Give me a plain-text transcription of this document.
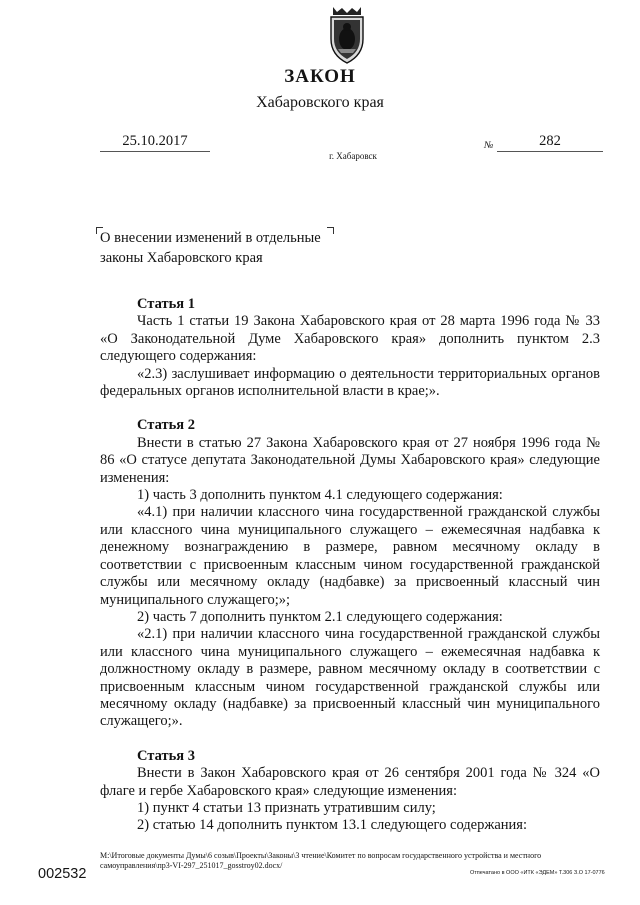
ЗАКОН
Хабаровского края
25.10.2017	№	282
г. Хабаровск
О внесении изменений в отдельные
законы Хабаровского края

Статья 1

Часть 1 статьи 19 Закона Хабаровского края от 28 марта 1996 года № 33 «О Законодательной Думе Хабаровского края» дополнить пунктом 2.3 следующего содержания:

«2.3) заслушивает информацию о деятельности территориальных органов федеральных органов исполнительной власти в крае;».

Статья 2

Внести в статью 27 Закона Хабаровского края от 27 ноября 1996 года № 86 «О статусе депутата Законодательной Думы Хабаровского края» следующие изменения:

1) часть 3 дополнить пунктом 4.1 следующего содержания:

«4.1) при наличии классного чина государственной гражданской службы или классного чина муниципального служащего – ежемесячная надбавка к денежному вознаграждению в размере, равном месячному окладу в соответствии с присвоенным классным чином государственной гражданской службы или месячному окладу (надбавке) за присвоенный классный чин муниципального служащего;»;

2) часть 7 дополнить пунктом 2.1 следующего содержания:

«2.1) при наличии классного чина государственной гражданской службы или классного чина муниципального служащего – ежемесячная надбавка к должностному окладу в размере, равном месячному окладу в соответствии с присвоенным классным чином государственной гражданской службы или месячному окладу (надбавке) за присвоенный классный чин муниципального служащего;».

Статья 3

Внести в Закон Хабаровского края от 26 сентября 2001 года № 324 «О флаге и гербе Хабаровского края» следующие изменения:

1) пункт 4 статьи 13 признать утратившим силу;

2) статью 14 дополнить пунктом 13.1 следующего содержания:

М:\Итоговые документы Думы\6 созыв\Проекты\Законы\3 чтение\Комитет по вопросам государственного устройства и местного самоуправления\пр3-VI-297_251017_gosstroy02.docx/
002532	Отпечатано в ООО «ИТК «ЭДЕМ» Т.306 З.О 17-0776
